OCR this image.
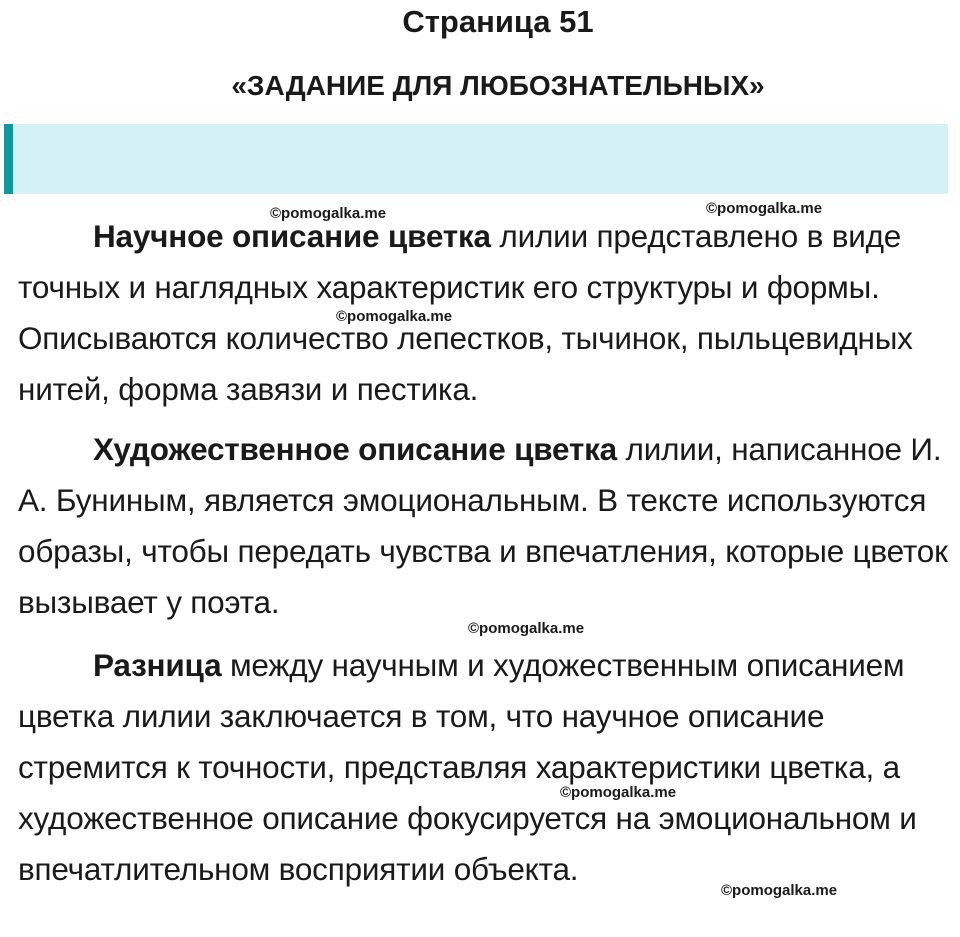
Страница 51
«ЗАДАНИЕ ДЛЯ ЛЮБОЗНАТЕЛЬНЫХ»

Научное описание цветка лилии представлено в виде точных и наглядных характеристик его структуры и формы. Описываются количество лепестков, тычинок, пыльцевидных нитей, форма завязи и пестика.

Художественное описание цветка лилии, написанное И. А. Буниным, является эмоциональным. В тексте используются образы, чтобы передать чувства и впечатления, которые цветок вызывает у поэта.

Разница между научным и художественным описанием цветка лилии заключается в том, что научное описание стремится к точности, представляя характеристики цветка, а художественное описание фокусируется на эмоциональном и впечатлительном восприятии объекта.

©pomogalka.me	©pomogalka.me
©pomogalka.me
©pomogalka.me
©pomogalka.me
©pomogalka.me
